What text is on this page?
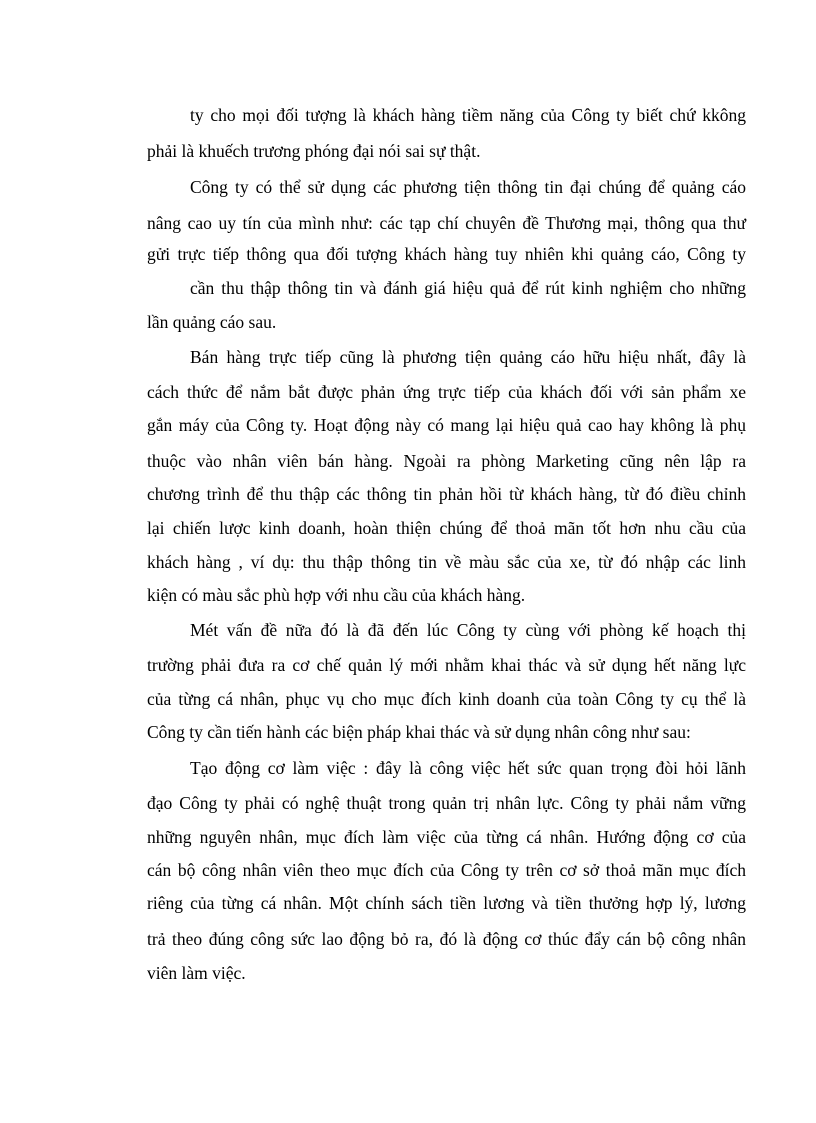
ty cho mọi đối tượng là khách hàng tiềm năng của Công ty biết chứ kkông
phải là khuếch trương phóng đại nói sai sự thật.
Công ty có thể sử dụng các phương tiện thông tin đại chúng để quảng cáo
nâng cao uy tín của mình như: các tạp chí chuyên đề Thương mại, thông qua thư
gửi trực tiếp thông qua đối tượng khách hàng tuy nhiên khi quảng cáo, Công ty
cần thu thập thông tin và đánh giá hiệu quả để rút kinh nghiệm cho những
lần quảng cáo sau.
Bán hàng trực tiếp cũng là phương tiện quảng cáo hữu hiệu nhất, đây là
cách thức để nắm bắt được phản ứng trực tiếp của khách đối với sản phẩm xe
gắn máy của Công ty. Hoạt động này có mang lại hiệu quả cao hay không là phụ
thuộc vào nhân viên bán hàng. Ngoài ra phòng Marketing cũng nên lập ra
chương trình để thu thập các thông tin phản hồi từ khách hàng, từ đó điều chỉnh
lại chiến lược kinh doanh, hoàn thiện chúng để thoả mãn tốt hơn nhu cầu của
khách hàng , ví dụ: thu thập thông tin về màu sắc của xe, từ đó nhập các linh
kiện có màu sắc phù hợp với nhu cầu của khách hàng.
Mét vấn đề nữa đó là đã đến lúc Công ty cùng với phòng kế hoạch thị
trường phải đưa ra cơ chế quản lý mới nhằm khai thác và sử dụng hết năng lực
của từng cá nhân, phục vụ cho mục đích kinh doanh của toàn Công ty cụ thể là
Công ty cần tiến hành các biện pháp khai thác và sử dụng nhân công như sau:
Tạo động cơ làm việc : đây là công việc hết sức quan trọng đòi hỏi lãnh
đạo Công ty phải có nghệ thuật trong quản trị nhân lực. Công ty phải nắm vững
những nguyên nhân, mục đích làm việc của từng cá nhân. Hướng động cơ của
cán bộ công nhân viên theo mục đích của Công ty trên cơ sở thoả mãn mục đích
riêng của từng cá nhân. Một chính sách tiền lương và tiền thưởng hợp lý, lương
trả theo đúng công sức lao động bỏ ra, đó là động cơ thúc đẩy cán bộ công nhân
viên làm việc.
